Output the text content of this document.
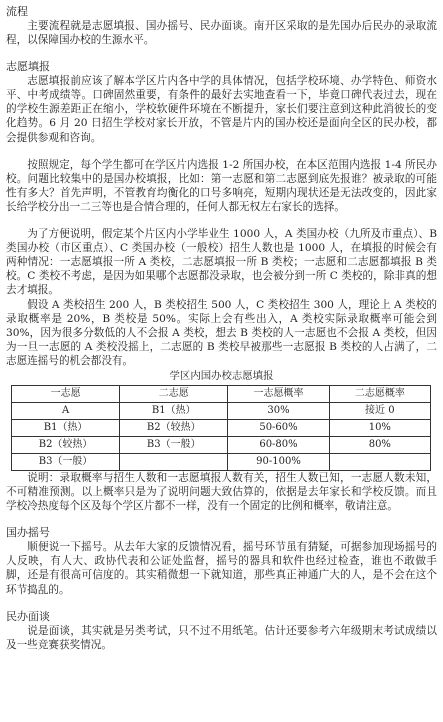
流程

主要流程就是志愿填报、国办摇号、民办面谈。南开区采取的是先国办后民办的录取流程，以保障国办校的生源水平。

志愿填报

志愿填报前应该了解本学区片内各中学的具体情况，包括学校环境、办学特色、师资水平、中考成绩等。口碑固然重要，有条件的最好去实地查看一下，毕竟口碑代表过去，现在的学校生源差距正在缩小，学校软硬件环境在不断提升，家长们要注意到这种此消彼长的变化趋势。6 月 20 日招生学校对家长开放，不管是片内的国办校还是面向全区的民办校，都会提供参观和咨询。

按照规定，每个学生都可在学区片内选报 1-2 所国办校，在本区范围内选报 1-4 所民办校。问题比较集中的是国办校填报，比如：第一志愿和第二志愿到底先报谁？被录取的可能性有多大？首先声明，不管教育均衡化的口号多响亮，短期内现状还是无法改变的，因此家长给学校分出一二三等也是合情合理的，任何人都无权左右家长的选择。

为了方便说明，假定某个片区内小学毕业生 1000 人，A 类国办校（九所及市重点）、B 类国办校（市区重点）、C 类国办校（一般校）招生人数也是 1000 人，在填报的时候会有两种情况：一志愿填报一所 A 类校，二志愿填报一所 B 类校；一志愿和二志愿都填报 B 类校。C 类校不考虑，是因为如果哪个志愿都没录取，也会被分到一所 C 类校的，除非真的想去才填报。

假设 A 类校招生 200 人，B 类校招生 500 人，C 类校招生 300 人，理论上 A 类校的录取概率是 20%，B 类校是 50%。实际上会有些出入，A 类校实际录取概率可能会到 30%，因为很多分数低的人不会报 A 类校，想去 B 类校的人一志愿也不会报 A 类校，但因为一旦一志愿的 A 类校没摇上，二志愿的 B 类校早被那些一志愿报 B 类校的人占满了，二志愿连摇号的机会都没有。

学区内国办校志愿填报

一志愿	二志愿	一志愿概率	二志愿概率
A	B1（热）	30%	接近 0
B1（热）	B2（较热）	50-60%	10%
B2（较热）	B3（一般）	60-80%	80%
B3（一般）		90-100%	

说明：录取概率与招生人数和一志愿填报人数有关，招生人数已知，一志愿人数未知，不可精准预测。以上概率只是为了说明问题大致估算的，依据是去年家长和学校反馈。而且学校冷热度每个区及每个学区片都不一样，没有一个固定的比例和概率，敬请注意。

国办摇号

顺便说一下摇号。从去年大家的反馈情况看，摇号环节虽有猜疑，可据参加现场摇号的人反映，有人大、政协代表和公证处监督，摇号的器具和软件也经过检查，谁也不敢做手脚，还是有很高可信度的。其实稍微想一下就知道，那些真正神通广大的人，是不会在这个环节捣乱的。

民办面谈

说是面谈，其实就是另类考试，只不过不用纸笔。估计还要参考六年级期末考试成绩以及一些竞赛获奖情况。
